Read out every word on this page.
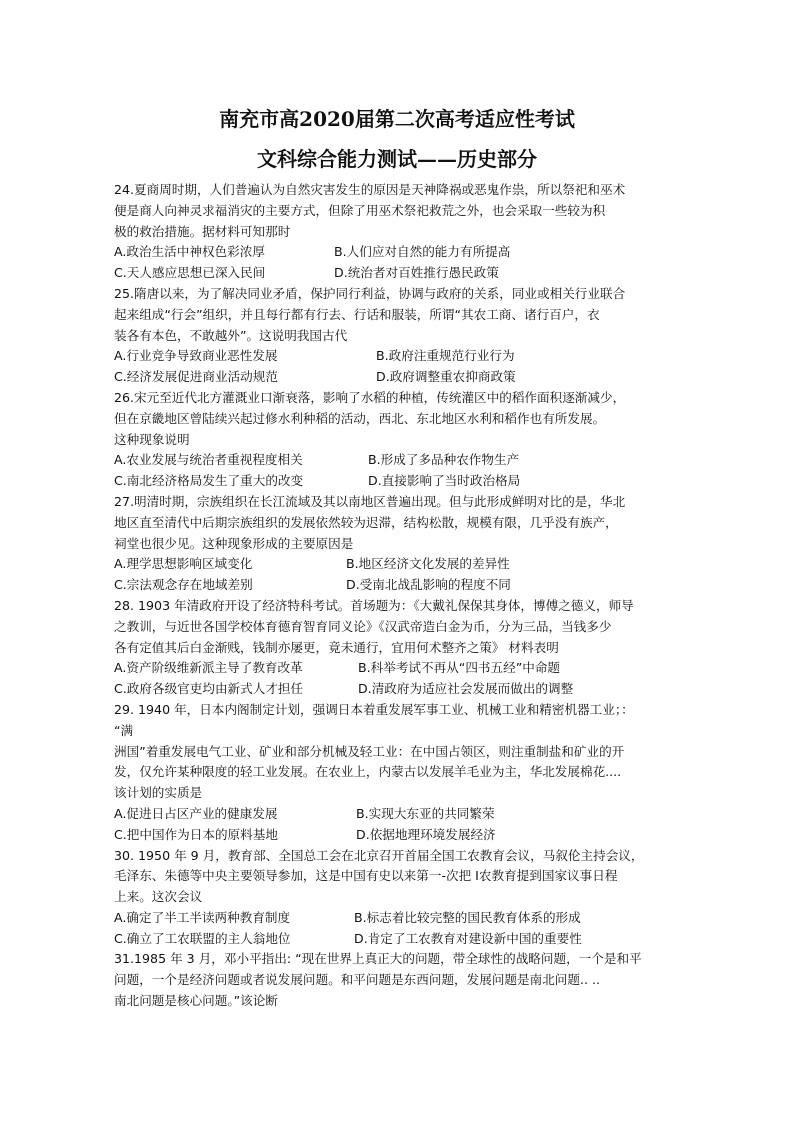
南充市高2020届第二次高考适应性考试
文科综合能力测试——历史部分
24.夏商周时期，人们普遍认为自然灾害发生的原因是天神降祸或恶鬼作祟，所以祭祀和巫术
便是商人向神灵求福消灾的主要方式，但除了用巫术祭祀救荒之外，也会采取一些较为积
极的救治措施。据材料可知那时
A.政治生活中神权色彩浓厚	B.人们应对自然的能力有所提高
C.天人感应思想已深入民间	D.统治者对百姓推行愚民政策
25.隋唐以来，为了解决同业矛盾，保护同行利益，协调与政府的关系，同业或相关行业联合
起来组成“行会”组织，并且每行都有行去、行话和服装，所谓“其农工商、诸行百户，衣
装各有本色，不敢越外”。这说明我国古代
A.行业竞争导致商业恶性发展	B.政府注重规范行业行为
C.经济发展促进商业活动规范	D.政府调整重农抑商政策
26.宋元至近代北方灌溉业口渐衰落，影响了水稻的种植，传统灌区中的稻作面积逐渐减少，
但在京畿地区曾陆续兴起过修水利种稻的活动，西北、东北地区水利和稻作也有所发展。
这种现象说明
A.农业发展与统治者重视程度相关	B.形成了多品种农作物生产
C.南北经济格局发生了重大的改变	D.直接影响了当时政治格局
27.明清时期，宗族组织在长江流域及其以南地区普遍出现。但与此形成鲜明对比的是，华北
地区直至清代中后期宗族组织的发展依然较为迟滞，结构松散，规模有限，几乎没有族产，
祠堂也很少见。这种现象形成的主要原因是
A.理学思想影响区域变化	B.地区经济文化发展的差异性
C.宗法观念存在地域差别	D.受南北战乱影响的程度不同
28. 1903 年清政府开设了经济特科考试。首场题为：《大戴礼保保其身体，博傅之德义，师导
之教训，与近世各国学校体育德育智育同义论》《汉武帝造白金为币，分为三品，当钱多少
各有定值其后白金渐贱，钱制亦屡更，竟未通行，宜用何术整齐之策》 材料表明
A.资产阶级维新派主导了教育改革	B.科举考试不再从“四书五经”中命题
C.政府各级官吏均由新式人才担任	D.清政府为适应社会发展而做出的调整
29. 1940 年，日本内阁制定计划，强调日本着重发展军事工业、机械工业和精密机器工业；：
“满
洲国”着重发展电气工业、矿业和部分机械及轻工业：在中国占领区，则注重制盐和矿业的开
发，仅允许某种限度的轻工业发展。在农业上，内蒙古以发展羊毛业为主，华北发展棉花....
该计划的实质是
A.促进日占区产业的健康发展	B.实现大东亚的共同繁荣
C.把中国作为日本的原料基地	D.依据地理环境发展经济
30. 1950 年 9 月，教育部、全国总工会在北京召开首届全国工农教育会议，马叙伦主持会议，
毛泽东、朱德等中央主要领导参加，这是中国有史以来第一-次把 I农教育提到国家议事日程
上来。这次会议
A.确定了半工半读两种教育制度	B.标志着比较完整的国民教育体系的形成
C.确立了工农联盟的主人翁地位	D.肯定了工农教育对建设新中国的重要性
31.1985 年 3 月，邓小平指出: “现在世界上真正大的问题，带全球性的战略问题，一个是和平
问题，一个是经济问题或者说发展问题。和平问题是东西问题，发展问题是南北问题.. ..
南北问题是核心问题。”该论断
